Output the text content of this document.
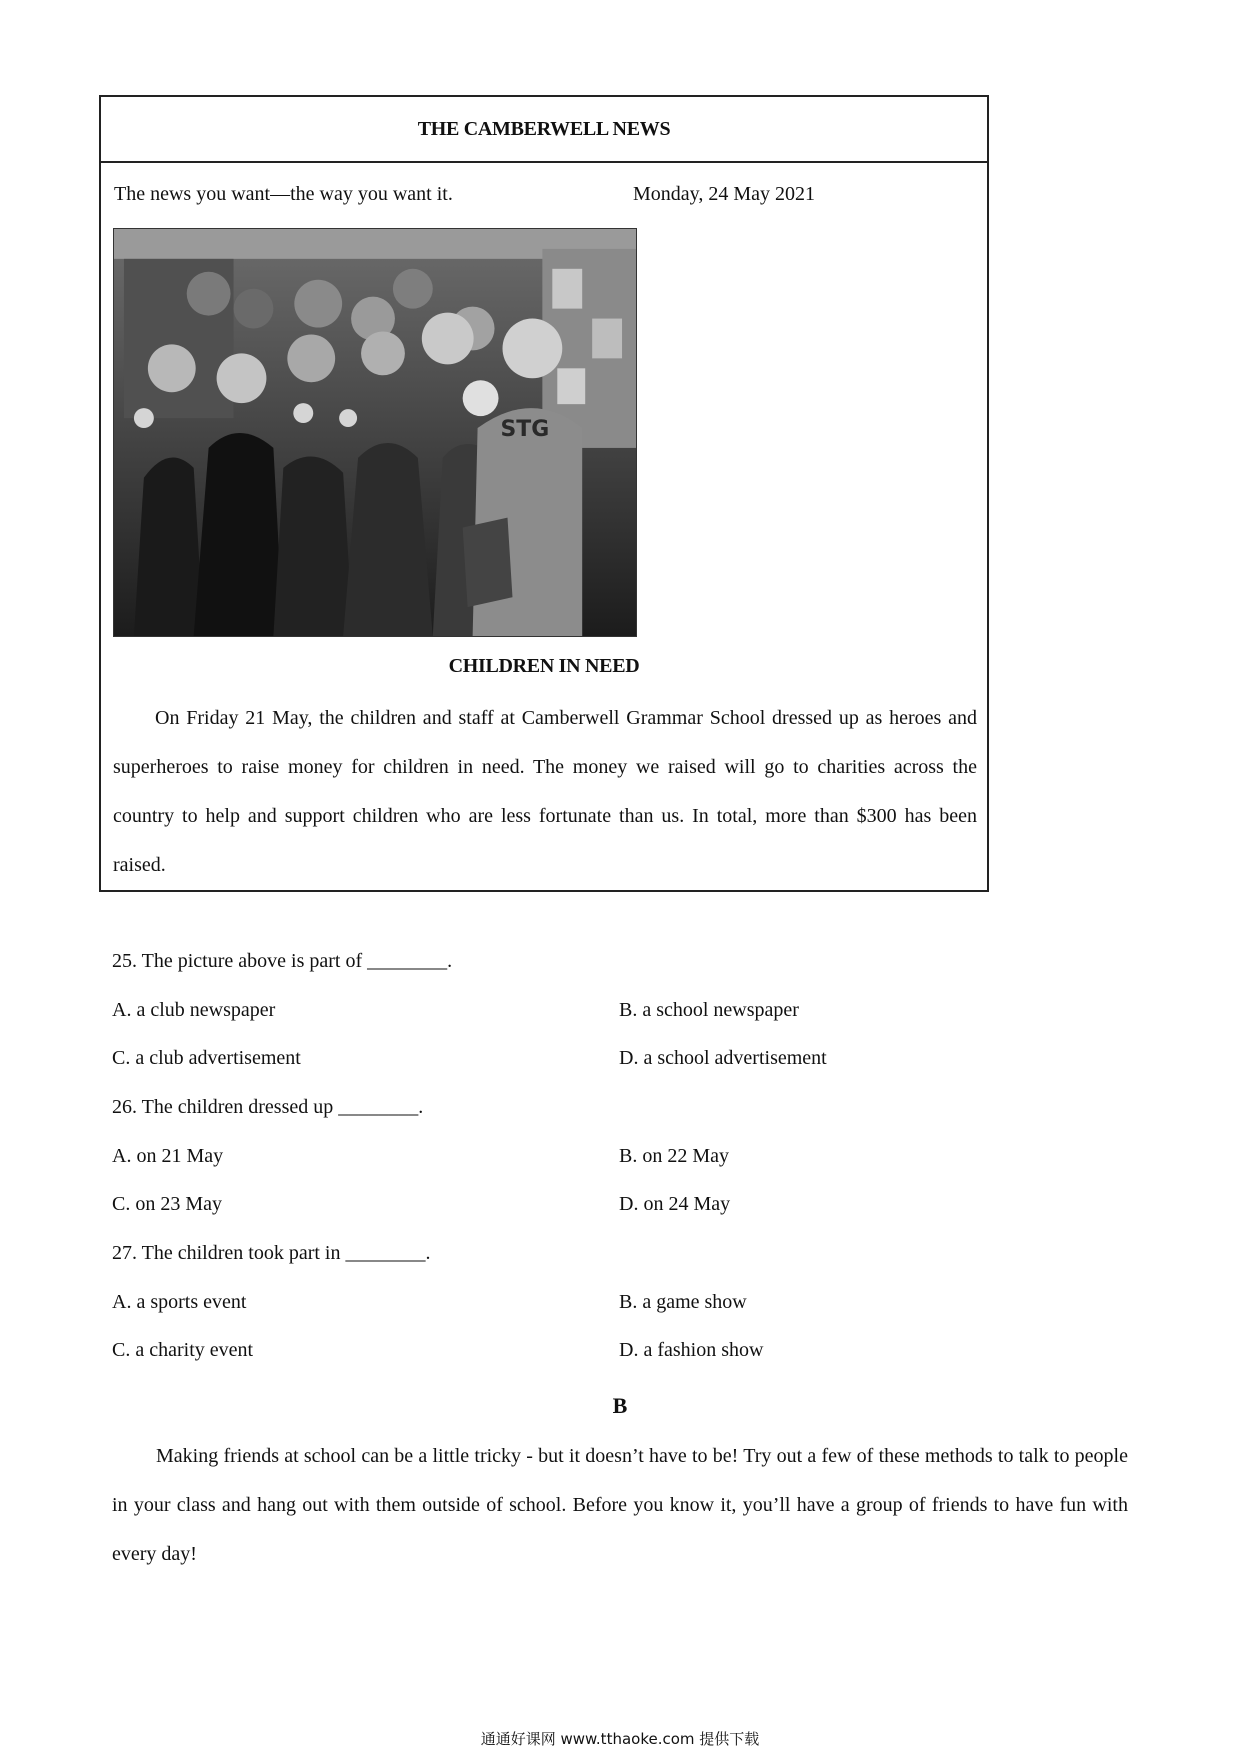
THE CAMBERWELL NEWS
The news you want—the way you want it.	Monday, 24 May 2021
STG
CHILDREN IN NEED

On Friday 21 May, the children and staff at Camberwell Grammar School dressed up as heroes and superheroes to raise money for children in need. The money we raised will go to charities across the country to help and support children who are less fortunate than us. In total, more than $300 has been raised.

25. The picture above is part of ________.
A. a club newspaper	B. a school newspaper
C. a club advertisement	D. a school advertisement
26. The children dressed up ________.
A. on 21 May	B. on 22 May
C. on 23 May	D. on 24 May
27. The children took part in ________.
A. a sports event	B. a game show
C. a charity event	D. a fashion show
B

Making friends at school can be a little tricky - but it doesn’t have to be! Try out a few of these methods to talk to people in your class and hang out with them outside of school. Before you know it, you’ll have a group of friends to have fun with every day!

通通好课网 www.tthaoke.com 提供下载
